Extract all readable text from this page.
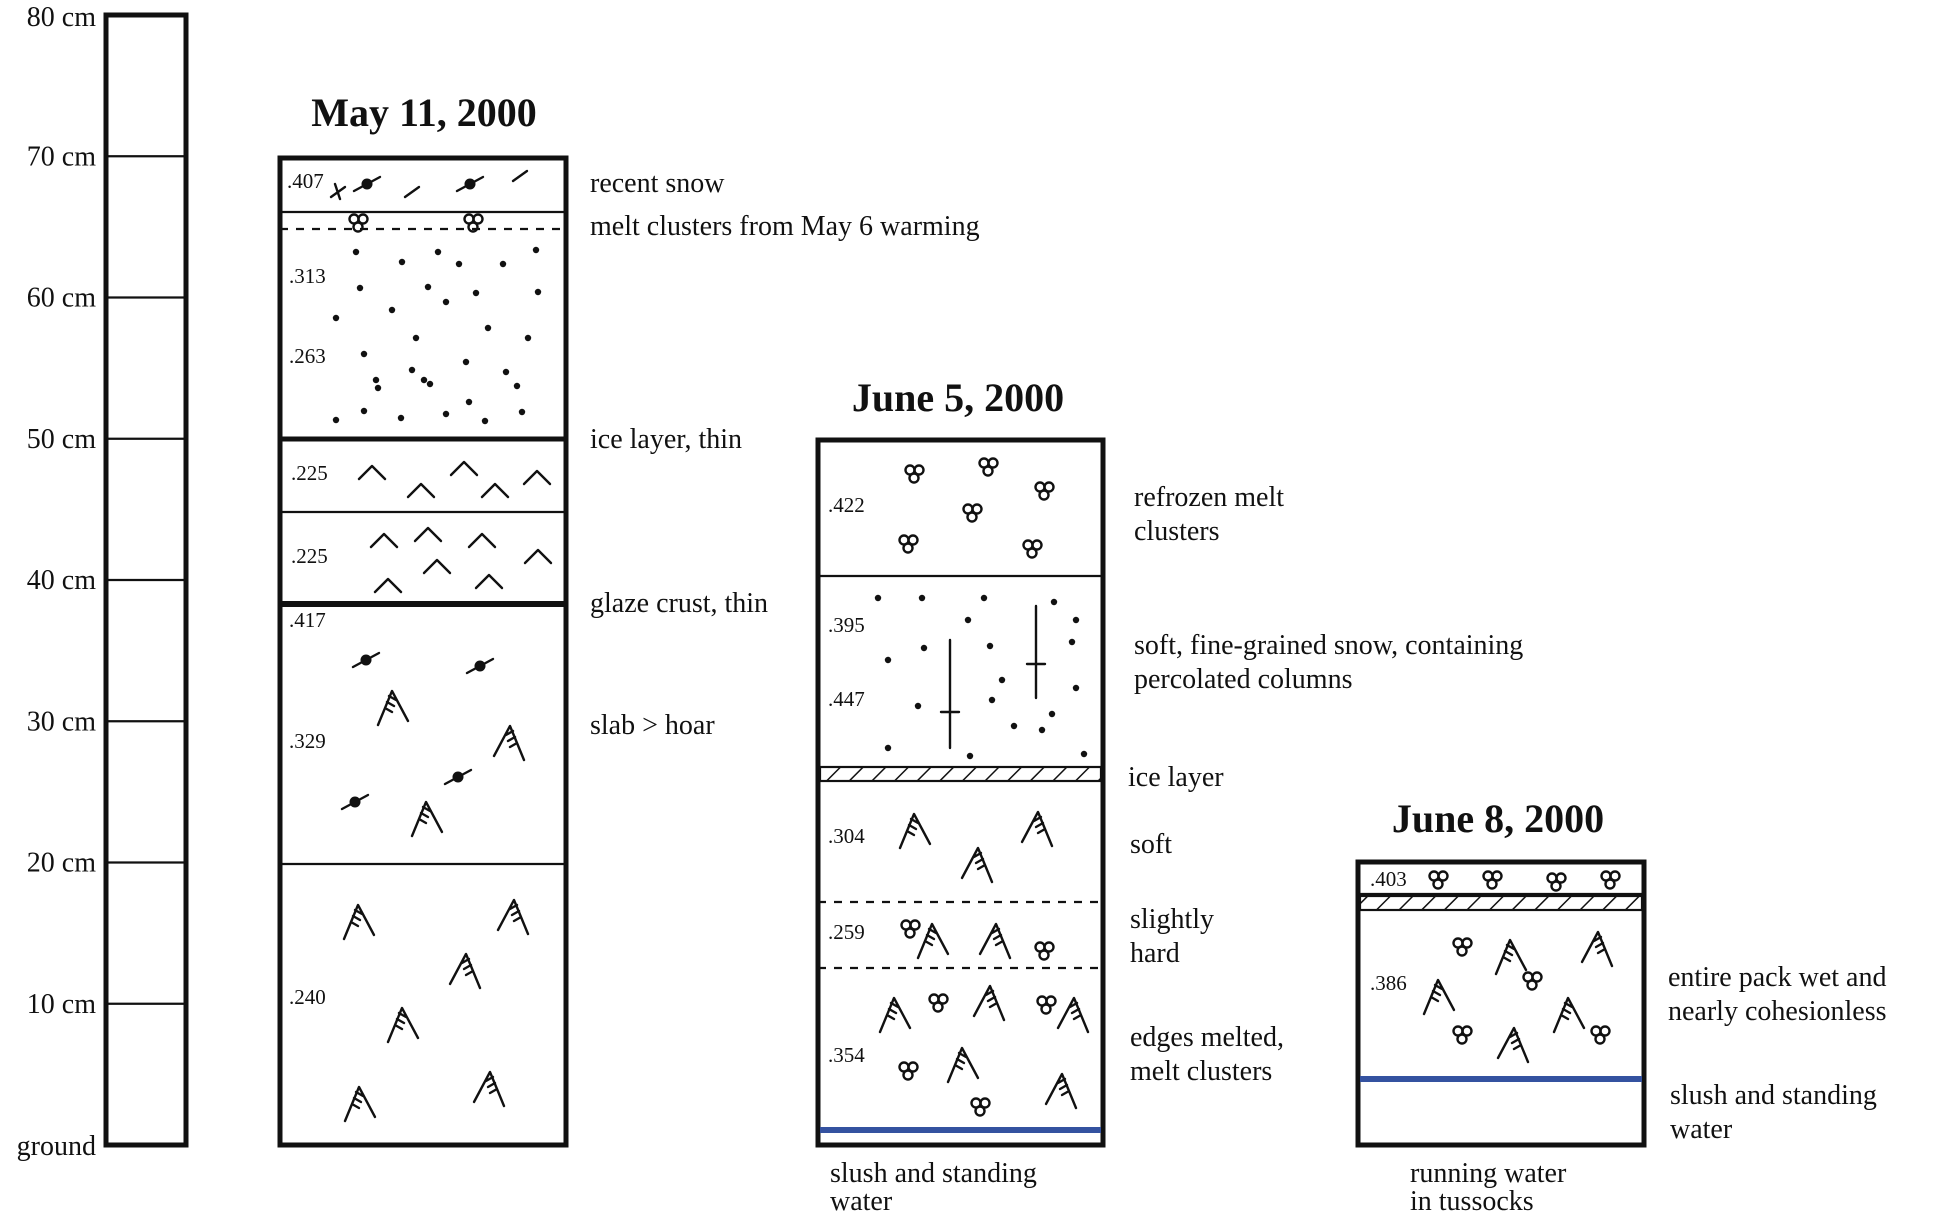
80 cm
70 cm
60 cm
50 cm
40 cm
30 cm
20 cm
10 cm
ground
May 11, 2000
.407
.313
.263
.225
.225
.417
.329
.240
recent snow
melt clusters from May 6 warming
ice layer, thin
glaze crust, thin
slab > hoar
June 5, 2000
.422
.395
.447
.304
.259
.354
refrozen melt
clusters
soft, fine-grained snow, containing
percolated columns
ice layer
soft
slightly
hard
edges melted,
melt clusters
slush and standing
water
June 8, 2000
.403
.386	entire pack wet and
nearly cohesionless
slush and standing
water
running water
in tussocks
